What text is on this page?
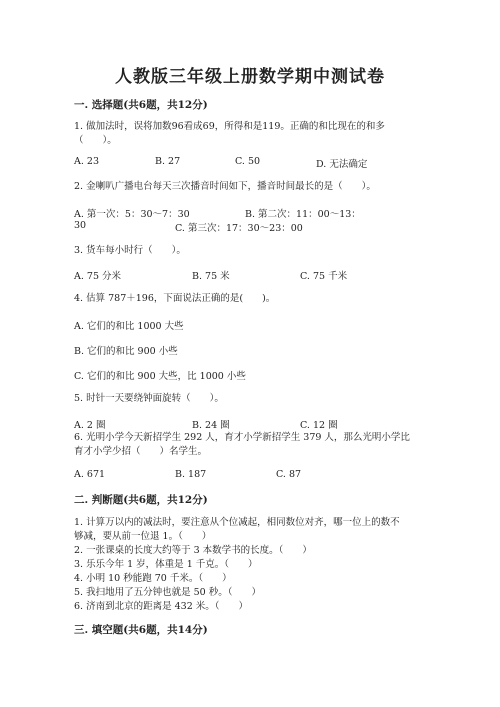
人教版三年级上册数学期中测试卷
一. 选择题(共6题，共12分)
1. 做加法时，误将加数96看成69，所得和是119。正确的和比现在的和多
（　　）。
A. 23	B. 27	C. 50	D. 无法确定
2. 金喇叭广播电台每天三次播音时间如下，播音时间最长的是（　　）。
A. 第一次：5：30～7：30	B. 第二次：11：00～13：
30	C. 第三次：17：30～23：00
3. 货车每小时行（　　）。
A. 75 分米	B. 75 米	C. 75 千米
4. 估算 787＋196，下面说法正确的是(　　)。
A. 它们的和比 1000 大些
B. 它们的和比 900 小些
C. 它们的和比 900 大些，比 1000 小些
5. 时针一天要绕钟面旋转（　　）。
A. 2 圈	B. 24 圈	C. 12 圈
6. 光明小学今天新招学生 292 人，育才小学新招学生 379 人，那么光明小学比
育才小学少招（　　）名学生。
A. 671	B. 187	C. 87
二. 判断题(共6题，共12分)
1. 计算万以内的减法时，要注意从个位减起，相同数位对齐，哪一位上的数不
够减，要从前一位退 1。（　　）
2. 一张课桌的长度大约等于 3 本数学书的长度。（　　）
3. 乐乐今年 1 岁，体重是 1 千克。（　　）
4. 小明 10 秒能跑 70 千米。（　　）
5. 我扫地用了五分钟也就是 50 秒。（　　）
6. 济南到北京的距离是 432 米。（　　）
三. 填空题(共6题，共14分)
